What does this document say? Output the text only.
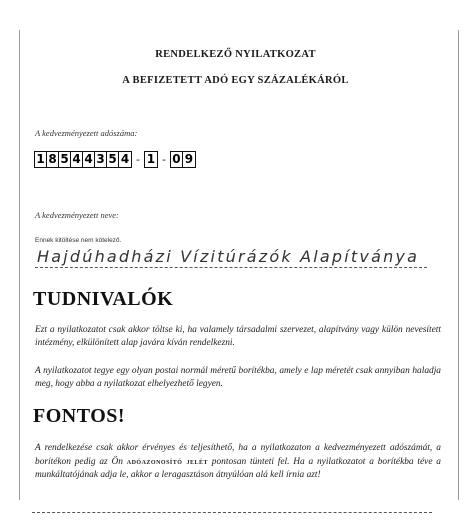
RENDELKEZŐ NYILATKOZAT
A BEFIZETETT ADÓ EGY SZÁZALÉKÁRÓL
A kedvezményezett adószáma:
1 8 5 4 4 3 5 4 - 1 - 0 9
A kedvezményezett neve:
Ennek kitöltése nem kötelező.
Hajdúhadházi Vízitúrázók Alapítványa
TUDNIVALÓK
Ezt a nyilatkozatot csak akkor töltse ki, ha valamely társadalmi szervezet, alapítvány vagy külön nevesített intézmény, elkülönített alap javára kíván rendelkezni.
A nyilatkozatot tegye egy olyan postai normál méretű borítékba, amely e lap méretét csak annyiban haladja meg, hogy abba a nyilatkozat elhelyezhető legyen.
FONTOS!
A rendelkezése csak akkor érvényes és teljesíthető, ha a nyilatkozaton a kedvezményezett adószámát, a borítékon pedig az Ön adóazonosító jelét pontosan tünteti fel. Ha a nyilatkozatot a borítékba téve a munkáltatójának adja le, akkor a leragasztáson átnyúlóan alá kell írnia azt!
